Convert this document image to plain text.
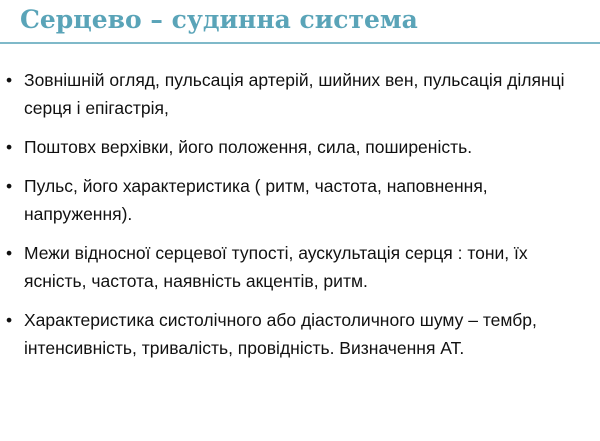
Серцево – судинна система
• Зовнішній огляд, пульсація артерій, шийних вен, пульсація ділянці серця і епігастрія,
• Поштовх верхівки, його положення, сила, поширеність.
• Пульс, його характеристика ( ритм, частота, наповнення, напруження).
• Межи відносної серцевої тупості, аускультація серця : тони, їх ясність, частота, наявність акцентів, ритм.
• Характеристика систолічного або діастоличного шуму – тембр, інтенсивність, тривалість, провідність. Визначення АТ.
